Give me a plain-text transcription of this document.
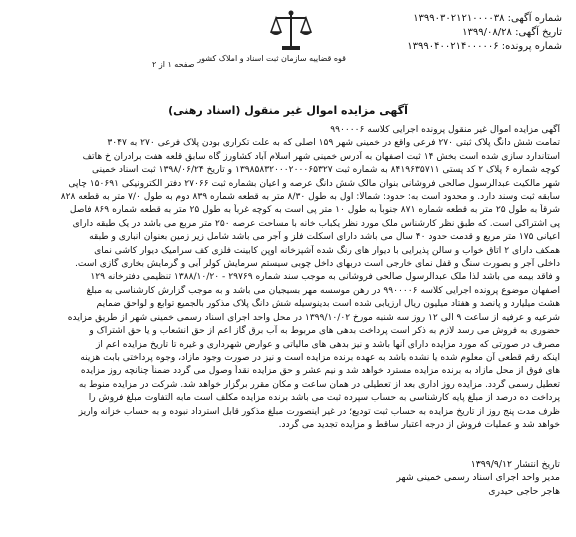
شماره آگهی: ۱۳۹۹۰۳۰۲۱۲۱۰۰۰۰۳۸
تاریخ آگهی: ۱۳۹۹/۰۸/۲۸
شماره پرونده: ۱۳۹۹۰۴۰۰۲۱۴۰۰۰۰۰۶
قوه قضاییه سازمان ثبت اسناد و املاک کشور
صفحه ۱ از ۲
آگهی مزایده اموال غیر منقول (اسناد رهنی)
آگهی مزایده اموال غیر منقول پرونده اجرایی کلاسه ۹۹۰۰۰۰۶
تمامت شش دانگ پلاک ثبتی ۲۷۰ فرعی واقع در خمینی شهر ۱۵۹ اصلی که به علت تکراری بودن پلاک فرعی ۲۷۰ به ۳۰۴۷
استاندارد سازی شده است بخش ۱۴ ثبت اصفهان به آدرس خمینی شهر اسلام آباد کشاورز گاه سابق قلعه هفت برادران خ هاتف
کوچه شماره ۶ پلاک ۲ کد پستی ۸۴۱۹۶۳۵۷۱۱ به شماره ثبت ۱۳۹۸۵۸۳۲۰۰۰۲۰۰۰۶۵۳۲۷ و تاریخ ۱۳۹۸/۰۶/۲۴ ثبت اسناد خمینی
شهر مالکیت عبدالرسول صالحی فروشانی بنوان مالک شش دانگ عرصه و اعیان بشماره ثبت ۲۷۰۶۶ دفتر الکترونیکی ۱۵۰۶۹۱ چاپی
سابقه ثبت وسند دارد. و محدود است به: حدود: شمالا: اول به طول ۸/۳۰ متر به قطعه شماره ۸۳۹ دوم به طول ۷/۰ متر به قطعه ۸۲۸
شرقاً به طول ۲۵ متر به قطعه شماره ۸۷۱ جنوباً به طول ۱۰ متر پی است به کوچه غرباً به طول ۲۵ متر به قطعه شماره ۸۶۹ فاصل
پی اشتراکی است. که طبق نظر کارشناس ملک مورد نظر یکباب خانه با مساحت عرصه ۲۵۰ متر مربع می باشد در یک طبقه دارای
اعیانی ۱۷۵ متر مربع و قدمت حدود ۴۰ سال می باشد دارای اسکلت فلز و آجر می باشد شامل زیر زمین بعنوان انباری و طبقه
همکف دارای ۲ اتاق خواب و سالن پذیرایی با دیوار های رنگ شده آشپزخانه اوپن کابینت فلزی کف سرامیک دیوار کاشی نمای
داخلی آجر و بصورت سنگ و قفل نمای خارجی است دربهای داخل چوبی سیستم سرمایش کولر آبی و گرمایش بخاری گازی است.
و فاقد بیمه می باشد لذا ملک عبدالرسول صالحی فروشانی به موجب سند شماره ۲۹۷۶۹ - ۱۳۸۸/۱۰/۲۰ تنظیمی دفترخانه ۱۲۹
اصفهان موضوع پرونده اجرایی کلاسه ۹۹۰۰۰۰۶ در رهن موسسه مهر بسیجیان می باشد و به موجب گزارش کارشناسی به مبلغ
هشت میلیارد و پانصد و هفتاد میلیون ریال ارزیابی شده است بدینوسیله شش دانگ پلاک مذکور بالجمیع توابع و لواحق ضمایم
شرعیه و عرفیه از ساعت ۹ الی ۱۲ روز سه شنبه مورخ ۱۳۹۹/۱۰/۰۲ در محل واحد اجرای اسناد رسمی خمینی شهر از طریق مزایده
حضوری به فروش می رسد لازم به ذکر است پرداخت بدهی های مربوط به آب برق گاز اعم از حق انشعاب و یا حق اشتراک و
مصرف در صورتی که مورد مزایده دارای آنها باشد و نیز بدهی های مالیاتی و عوارض شهرداری و غیره تا تاریخ مزایده اعم از
اینکه رقم قطعی آن معلوم شده یا نشده باشد به عهده برنده مزایده است و نیز در صورت وجود مازاد، وجوه پرداختی بابت هزینه
های فوق از محل مازاد به برنده مزایده مسترد خواهد شد و نیم عشر و حق مزایده نقداً وصول می گردد ضمناً چنانچه روز مزایده
تعطیل رسمی گردد. مزایده روز اداری بعد از تعطیلی در همان ساعت و مکان مقرر برگزار خواهد شد. شرکت در مزایده منوط به
پرداخت ده درصد از مبلغ پایه کارشناسی به حساب سپرده ثبت می باشد برنده مزایده مکلف است مابه التفاوت مبلغ فروش را
ظرف مدت پنج روز از تاریخ مزایده به حساب ثبت تودیع؛ در غیر اینصورت مبلغ مذکور قابل استرداد نبوده و به حساب خزانه واریز
خواهد شد و عملیات فروش از درجه اعتبار ساقط و مزایده تجدید می گردد.
تاریخ انتشار ۱۳۹۹/۹/۱۲
مدیر واحد اجرای اسناد رسمی خمینی شهر
هاجر حاجی حیدری
